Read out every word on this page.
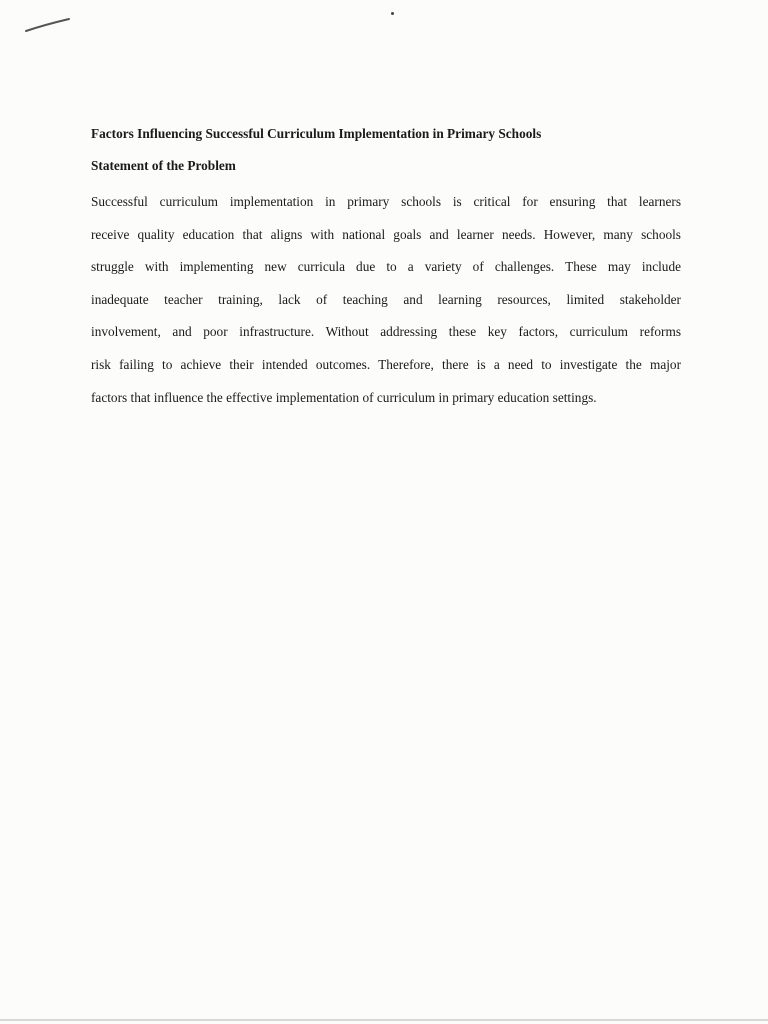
Factors Influencing Successful Curriculum Implementation in Primary Schools

Statement of the Problem

Successful curriculum implementation in primary schools is critical for ensuring that learners
receive quality education that aligns with national goals and learner needs. However, many schools
struggle with implementing new curricula due to a variety of challenges. These may include
inadequate teacher training, lack of teaching and learning resources, limited stakeholder
involvement, and poor infrastructure. Without addressing these key factors, curriculum reforms
risk failing to achieve their intended outcomes. Therefore, there is a need to investigate the major
factors that influence the effective implementation of curriculum in primary education settings.
